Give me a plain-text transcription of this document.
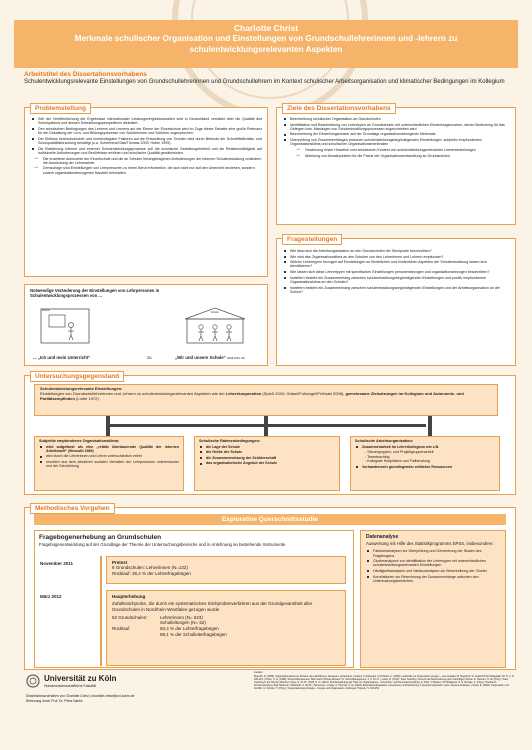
Charlotte Christ
Merkmale schulischer Organisation und Einstellungen von Grundschullehrerinnen und -lehrern zu schulentwicklungsrelevanten Aspekten
Arbeitstitel des Dissertationsvorhabens
Schulentwicklungsrelevante Einstellungen von Grundschullehrerinnen und Grundschullehrern im Kontext schulischer Arbeitsorganisation und klimatischer Bedingungen im Kollegium
Seit der Veröffentlichung der Ergebnisse internationaler Leistungsvergleichsstudien wird in Deutschland verstärkt über die Qualität des Schulsystems und dessen Entwicklungsperspektiven diskutiert.
Den schulischen Bedingungen des Lehrens und Lernens auf der Ebene der Einzelschule wird im Zuge dieser Debatte eine große Relevanz für die Gestaltung der Lern- und Bildungsprozesse von Schülerinnen und Schülern zugesprochen.
Der Einfluss innerschulischer und innerkollegialer Faktoren auf die Entwicklung von Schulen wird durch Befunde der Schuleffektivitäts- und Schulqualitätsforschung bestätigt (u.a. Scheerens/Glas/Thomas 2003; Huber 1999).
Die Etablierung interner und externer Schulentwicklungsprozesse soll die schulische Gestaltungsfreiheit und die Reaktionsfähigkeit auf individuelle Anforderungen und Bedürfnisse erhöhen und schulische Qualität gewährleisten.
→ Die erweiterte Autonomie der Einzelschule und die an Schulen herangetragenen Anforderungen der internen Schulentwicklung verändern die Ausrichtung der Lehrerarbeit.
→ Demzufolge sind Einstellungen von Lehrpersonen zu ihrem Beruf erforderlich, die sich nicht nur auf den Unterricht beziehen, sondern zudem organisationsbezogenes Handeln beinhalten.
Problemstellung
Beschreibung schulischer Organisation an Grundschulen
Identifikation und Beschreibung von Lehertypen an Grundschulen mit unterschiedlichen Einstellungsmustern, denen Bedeutung für das Gelingen bzw. Misslingen von Schulentwicklungsprozessen zugeschrieben wird
Beschreibung der Einstellungsmuster auf der Grundlage organisationsbezogener Merkmale
Überprüfung von Zusammenhängen zwischen schulentwicklungsbegünstigenden Einstellungen, subjektiv empfundenem Organisationsklima und schulischen Organisationsmerkmalen
→ Gewinnung erster Hinweise zum schulischen Kontext von schulentwicklungsrelevanten Lehrereinstellungen
→ Ableitung von Ansatzpunkten für die Praxis der Organisationsentwicklung an Grundschulen
Ziele des Dissertationsvorhabens
Wie lässt sich die Arbeitsorganisation an den Grundschulen der Stichprobe beschreiben?
Wie wird das Organisationsklima an den Schulen von den Lehrerinnen und Lehrern empfunden?
Welche Lehrertypen bezogen auf Einstellungen zu förderlichen und hinderlichen Aspekten der Schulentwicklung lassen sich identifizieren?
Wie lassen sich diese Lehrertypen mit spezifischen Einstellungen personenbezogen und organisationsbezogen beschreiben?
Inwiefern besteht ein Zusammenhang zwischen schulentwicklungsbegünstigenden Einstellungen und positiv empfundenem Organisationsklima an den Schulen?
Inwiefern besteht ein Zusammenhang zwischen schulentwicklungsbegünstigenden Einstellungen und der Arbeitsorganisation an der Schule?
Fragestellungen
Notwendige Veränderung der Einstellungen von Lehrpersonen in Schulentwicklungsprozessen von ...
Schule
Schule
... „Ich und mein Unterricht“	zu	„Wir und unsere Schule“ (Rolff 2010: 30)
Untersuchungsgegenstand
Schulentwicklungsrelevante Einstellungen:
Einstellungen von Grundschullehrerinnen und -lehrern zu schulentwicklungsrelevanten Aspekten wie der Lehrerkooperation (Spieß 2004; Gräsel/Fußangel/Pröbstel 2006), gemeinsame Zielsetzungen im Kollegium und Autonomie- und Paritätsempfinden (Lortie 1972).
Subjektiv empfundenes Organisationsklima:
wird aufgefasst als eine „relativ überdauernde Qualität der internen Arbeitswelt“ (Bessoth 1989)
wird durch die Lehrerinnen und Lehrer unterschiedlich erlebt
resultiert aus dem situativen sozialen Verhalten der Lehrpersonen untereinander und der Schulleitung
Schulische Rahmenbedingungen:
die Lage der Schule
die Größe der Schule
die Zusammensetzung der Schülerschaft
das organisatorische Angebot der Schule
Schulische Arbeitsorganisation:
Zusammenarbeit im Lehrerkollegium wie z.B.
- Steuergruppen- und Projektgruppenarbeit
- Teamteaching
- Kollegiale Hospitation und Fallberatung
Vorhandensein grundlegender zeitlicher Ressourcen
Methodisches Vorgehen
Explorative Querschnittsstudie
Fragebogenerhebung an Grundschulen
Fragebogenentwicklung auf der Grundlage der Theorie der Untersuchungsbereiche und in Anlehnung an bestehende Instrumente
November 2011	Pretest
8 Grundschulen: Lehrerinnen (N=132)
Rücklauf: 38,4 % der Lehrerfragebögen
März 2012	Haupterhebung
Zufallsstichprobe, die durch ein systematisches Stichprobenverfahren aus der Grundgesamtheit aller Grundschulen in Nordrhein-Westfalen gezogen wurde
52 Grundschulen:	Lehrerinnen (N= 623)
Schulleitungen (N= 52)
Rücklauf	50,4 % der Lehrerfragebögen
98,1 % der Schulleiterfragebögen
Datenanalyse
Auswertung mit Hilfe des Statistikprogramms SPSS, insbesondere:
Faktorenanalysen zur Überprüfung und Generierung der Skalen des Fragebogens
Clusteranalysen zur Identifikation der Lehertypen mit unterschiedlichen schulentwicklungsrelevanten Einstellungen
Häufigkeitsanalysen und Varianzanalysen zur Beschreibung der Cluster
Korrelationen zur Berechnung der Zusammenhänge zwischen den Untersuchungsbereichen
Universität zu Köln
Humanwissenschaftliche Fakultät
Dissertationsvorhaben von Charlotte Christ | charlotte.christ@uni-koeln.de
Betreuung durch Prof. Dr. Petra Hanke
Literatur
Bessoth, R. (1989): Organisationsklima an Schulen. Eine Einführung. Neuwied: Luchterhand. | Gräsel, C./Fußangel, K./Pröbstel, C. (2006): Lehrkräfte zur Kooperation anregen – eine Aufgabe für Sisyphos? In: Zeitschrift für Pädagogik, 52, H. 2, S. 205-219. | Huber, S. G. (1999): School Effectiveness: Was macht Schule wirksam? In: Schul-Management, 2, S. 10-17. | Lortie, D. (1972): Team Teaching. Versuch der Beschreibung einer zukünftigen Schule. In: Dechert, H.-W. (Hrsg.): Team Teaching in der Schule. München: Piper, S. 37-76. | Rolff, H.-G. (2010): Schulentwicklung als Trias von Organisations-, Unterrichts- und Personalentwicklung. In: Bohl, T./Helsper, W./Holtappels, H. G./Schelle, C. (Hrsg.): Handbuch Schulentwicklung. Bad Heilbrunn: Klinkhardt, S. 29-36. | Scheerens, J./Glas, C./Thomas, S. M. (2003): Educational Evaluation, Assessment, and Monitoring. A Systemic Approach. Lisse: Swets & Zeitlinger. | Spieß, E. (2004): Kooperation und Konflikt. In: Schuler, H. (Hrsg.): Organisationspsychologie – Gruppe und Organisation. Göttingen: Hogrefe, S. 193-250.
